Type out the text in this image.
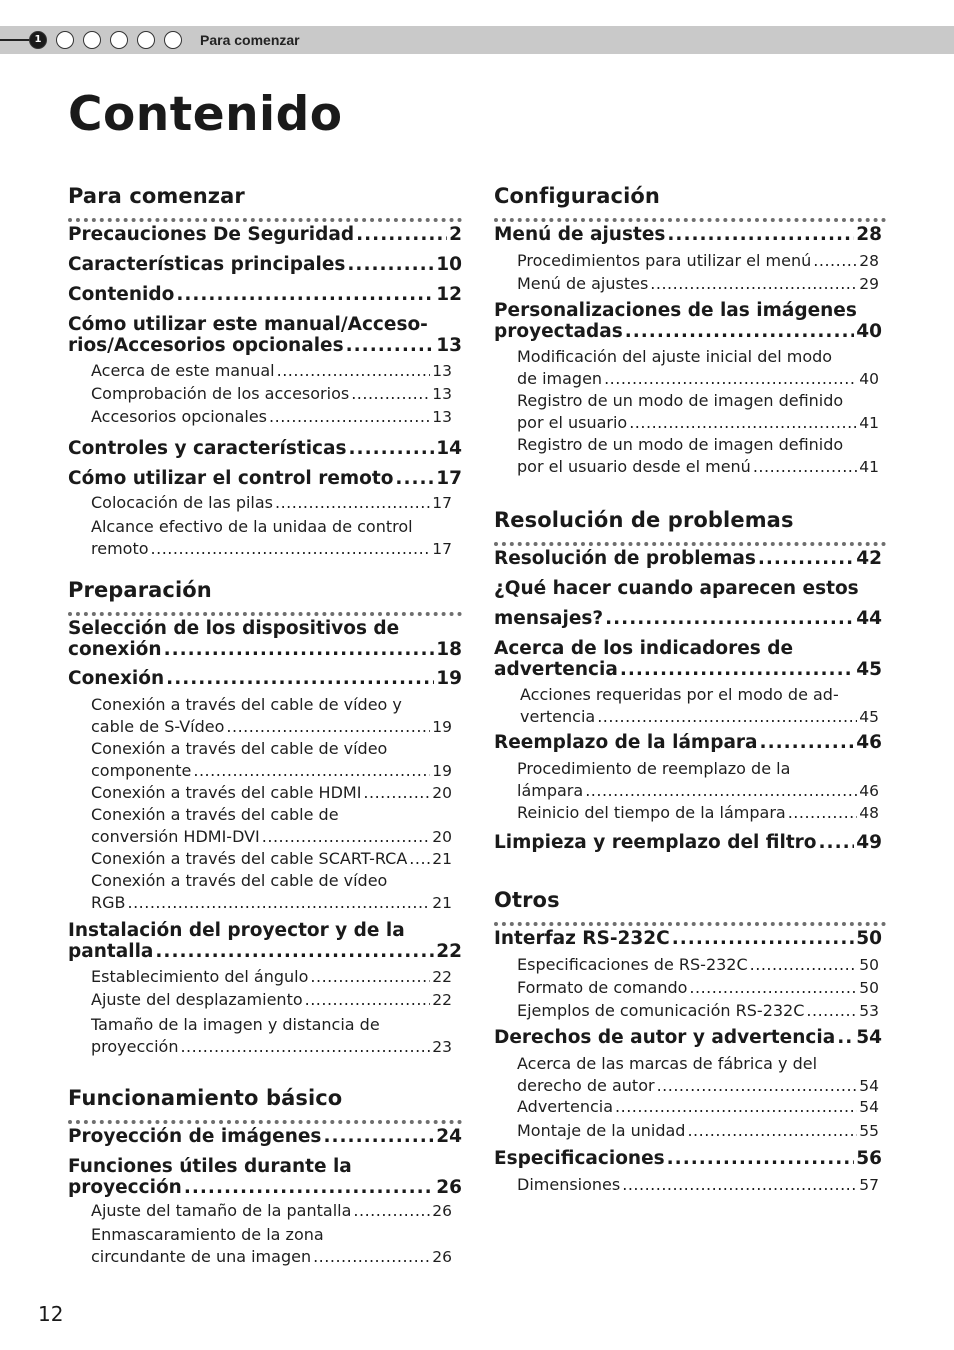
1	Para comenzar
Contenido
Para comenzar
Precauciones De Seguridad .....	2
Características principales .....	10
Contenido .....	12
Cómo utilizar este manual/Acceso-
rios/Accesorios opcionales .....	13
Acerca de este manual .....	13
Comprobación de los accesorios .....	13
Accesorios opcionales .....	13
Controles y características .....	14
Cómo utilizar el control remoto ..... 17
Colocación de las pilas .....	17
Alcance efectivo de la unidaa de control
remoto .....	17
Preparación
Selección de los dispositivos de
conexión .....	18
Conexión .....	19
Conexión a través del cable de vídeo y
cable de S-Vídeo .....	19
Conexión a través del cable de vídeo
componente .....	19
Conexión a través del cable HDMI .....	20
Conexión a través del cable de
conversión HDMI-DVI .....	20
Conexión a través del cable SCART-RCA ..... 21
Conexión a través del cable de vídeo
RGB .....	21
Instalación del proyector y de la
pantalla .....	22
Establecimiento del ángulo .....	22
Ajuste del desplazamiento .....	22
Tamaño de la imagen y distancia de
proyección .....	23
Funcionamiento básico
Proyección de imágenes .....	24
Funciones útiles durante la
proyección .....	26
Ajuste del tamaño de la pantalla .....	26
Enmascaramiento de la zona
circundante de una imagen .....	26
Configuración
Menú de ajustes .....	28
Procedimientos para utilizar el menú .....	28
Menú de ajustes .....	29
Personalizaciones de las imágenes
proyectadas .....	40
Modificación del ajuste inicial del modo
de imagen .....	40
Registro de un modo de imagen definido
por el usuario .....	41
Registro de un modo de imagen definido
por el usuario desde el menú .....	41
Resolución de problemas
Resolución de problemas .....	42
¿Qué hacer cuando aparecen estos
mensajes? .....	44
Acerca de los indicadores de
advertencia .....	45
Acciones requeridas por el modo de ad-
vertencia .....	45
Reemplazo de la lámpara .....	46
Procedimiento de reemplazo de la
lámpara .....	46
Reinicio del tiempo de la lámpara .....	48
Limpieza y reemplazo del filtro ..... 49
Otros
Interfaz RS-232C .....	50
Especificaciones de RS-232C .....	50
Formato de comando .....	50
Ejemplos de comunicación RS-232C .....	53
Derechos de autor y advertencia ..... 54
Acerca de las marcas de fábrica y del
derecho de autor .....	54
Advertencia .....	54
Montaje de la unidad .....	55
Especificaciones .....	56
Dimensiones .....	57
12
